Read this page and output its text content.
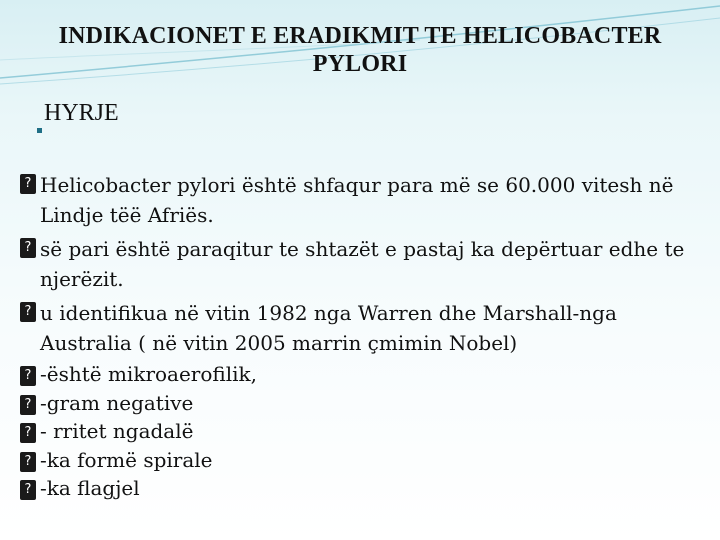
INDIKACIONET E ERADIKMIT TE HELICOBACTER PYLORI
HYRJE
? Helicobacter pylori është shfaqur para më se 60.000 vitesh në Lindje tëë Afriës.
? së pari është paraqitur te shtazët e pastaj ka depërtuar edhe te njerëzit.
? u identifikua në vitin 1982 nga Warren dhe Marshall-nga Australia ( në vitin 2005 marrin çmimin Nobel)
? -është mikroaerofilik,
? -gram negative
? - rritet ngadalë
? -ka formë spirale
? -ka flagjel
